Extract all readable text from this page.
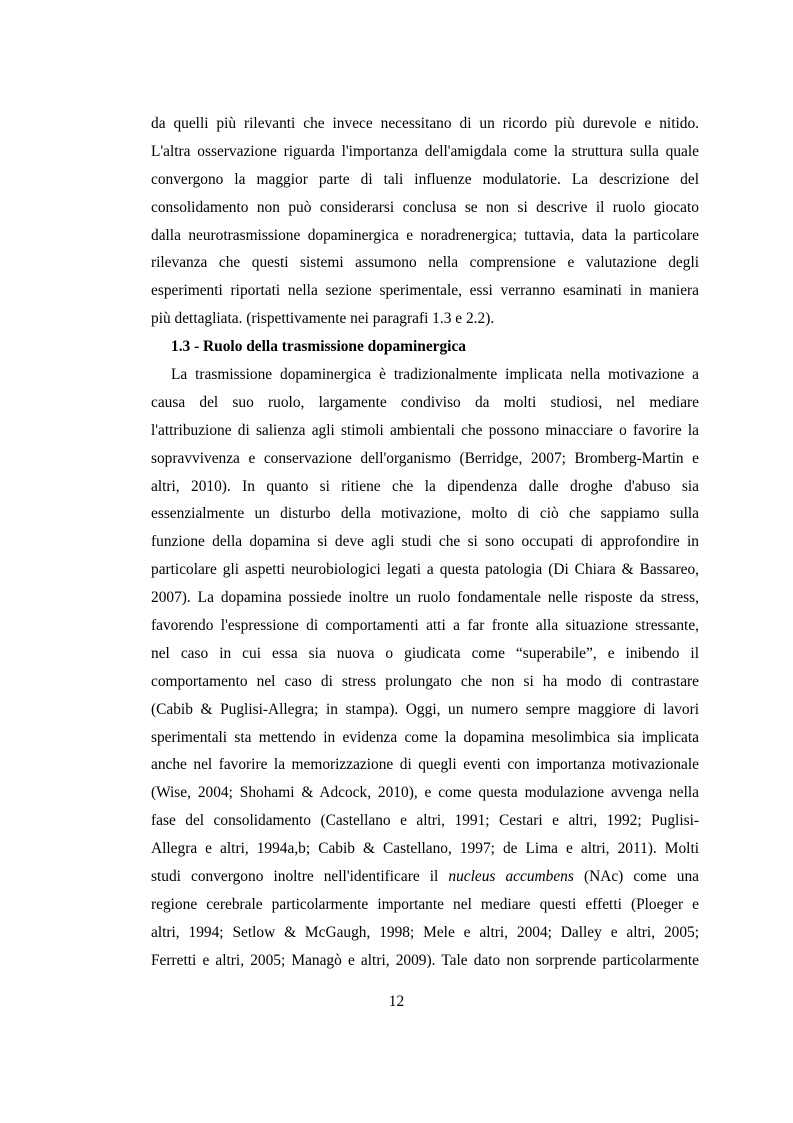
da quelli più rilevanti che invece necessitano di un ricordo più durevole e nitido.
L'altra osservazione riguarda l'importanza dell'amigdala come la struttura sulla quale
convergono la maggior parte di tali influenze modulatorie. La descrizione del
consolidamento non può considerarsi conclusa se non si descrive il ruolo giocato
dalla neurotrasmissione dopaminergica e noradrenergica; tuttavia, data la particolare
rilevanza che questi sistemi assumono nella comprensione e valutazione degli
esperimenti riportati nella sezione sperimentale, essi verranno esaminati in maniera
più dettagliata. (rispettivamente nei paragrafi 1.3 e 2.2).

1.3 - Ruolo della trasmissione dopaminergica

La trasmissione dopaminergica è tradizionalmente implicata nella motivazione a
causa del suo ruolo, largamente condiviso da molti studiosi, nel mediare
l'attribuzione di salienza agli stimoli ambientali che possono minacciare o favorire la
sopravvivenza e conservazione dell'organismo (Berridge, 2007; Bromberg-Martin e
altri, 2010). In quanto si ritiene che la dipendenza dalle droghe d'abuso sia
essenzialmente un disturbo della motivazione, molto di ciò che sappiamo sulla
funzione della dopamina si deve agli studi che si sono occupati di approfondire in
particolare gli aspetti neurobiologici legati a questa patologia (Di Chiara & Bassareo,
2007). La dopamina possiede inoltre un ruolo fondamentale nelle risposte da stress,
favorendo l'espressione di comportamenti atti a far fronte alla situazione stressante,
nel caso in cui essa sia nuova o giudicata come “superabile”, e inibendo il
comportamento nel caso di stress prolungato che non si ha modo di contrastare
(Cabib & Puglisi-Allegra; in stampa). Oggi, un numero sempre maggiore di lavori
sperimentali sta mettendo in evidenza come la dopamina mesolimbica sia implicata
anche nel favorire la memorizzazione di quegli eventi con importanza motivazionale
(Wise, 2004; Shohami & Adcock, 2010), e come questa modulazione avvenga nella
fase del consolidamento (Castellano e altri, 1991; Cestari e altri, 1992; Puglisi-
Allegra e altri, 1994a,b; Cabib & Castellano, 1997; de Lima e altri, 2011). Molti
studi convergono inoltre nell'identificare il nucleus accumbens (NAc) come una
regione cerebrale particolarmente importante nel mediare questi effetti (Ploeger e
altri, 1994; Setlow & McGaugh, 1998; Mele e altri, 2004; Dalley e altri, 2005;
Ferretti e altri, 2005; Managò e altri, 2009). Tale dato non sorprende particolarmente

12
